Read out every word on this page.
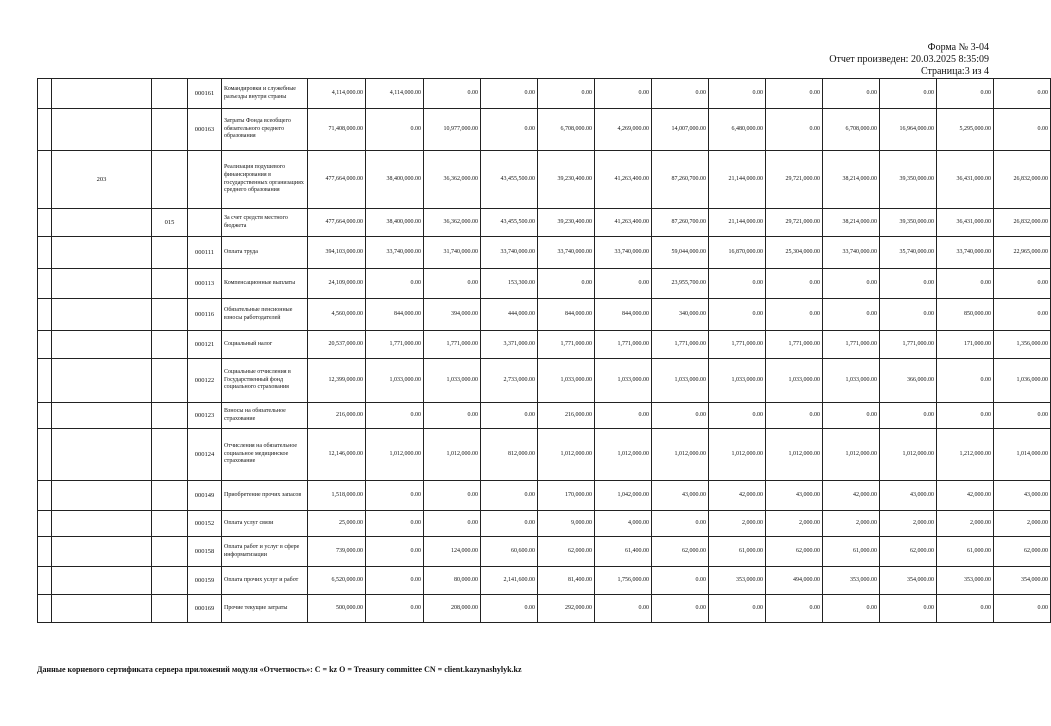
Форма № 3-04
Отчет произведен: 20.03.2025 8:35:09
Страница:3 из 4
			000161	Командировки и служебные разъезды внутри страны	4,114,000.00	4,114,000.00	0.00	0.00	0.00	0.00	0.00	0.00	0.00	0.00	0.00	0.00	0.00
			000163	Затраты Фонда всеобщего обязательного среднего образования	71,408,000.00	0.00	10,977,000.00	0.00	6,708,000.00	4,269,000.00	14,007,000.00	6,480,000.00	0.00	6,708,000.00	16,964,000.00	5,295,000.00	0.00
	203			Реализация подушевого финансирования в государственных организациях среднего образования	477,664,000.00	38,400,000.00	36,362,000.00	43,455,500.00	39,230,400.00	41,263,400.00	87,260,700.00	21,144,000.00	29,721,000.00	38,214,000.00	39,350,000.00	36,431,000.00	26,832,000.00
		015		За счет средств местного бюджета	477,664,000.00	38,400,000.00	36,362,000.00	43,455,500.00	39,230,400.00	41,263,400.00	87,260,700.00	21,144,000.00	29,721,000.00	38,214,000.00	39,350,000.00	36,431,000.00	26,832,000.00
			000111	Оплата труда	394,103,000.00	33,740,000.00	31,740,000.00	33,740,000.00	33,740,000.00	33,740,000.00	59,044,000.00	16,870,000.00	25,304,000.00	33,740,000.00	35,740,000.00	33,740,000.00	22,965,000.00
			000113	Компенсационные выплаты	24,109,000.00	0.00	0.00	153,300.00	0.00	0.00	23,955,700.00	0.00	0.00	0.00	0.00	0.00	0.00
			000116	Обязательные пенсионные взносы работодателей	4,560,000.00	844,000.00	394,000.00	444,000.00	844,000.00	844,000.00	340,000.00	0.00	0.00	0.00	0.00	850,000.00	0.00
			000121	Социальный налог	20,537,000.00	1,771,000.00	1,771,000.00	3,371,000.00	1,771,000.00	1,771,000.00	1,771,000.00	1,771,000.00	1,771,000.00	1,771,000.00	1,771,000.00	171,000.00	1,356,000.00
			000122	Социальные отчисления в Государственный фонд социального страхования	12,399,000.00	1,033,000.00	1,033,000.00	2,733,000.00	1,033,000.00	1,033,000.00	1,033,000.00	1,033,000.00	1,033,000.00	1,033,000.00	366,000.00	0.00	1,036,000.00
			000123	Взносы на обязательное страхование	216,000.00	0.00	0.00	0.00	216,000.00	0.00	0.00	0.00	0.00	0.00	0.00	0.00	0.00
			000124	Отчисления на обязательное социальное медицинское страхование	12,146,000.00	1,012,000.00	1,012,000.00	812,000.00	1,012,000.00	1,012,000.00	1,012,000.00	1,012,000.00	1,012,000.00	1,012,000.00	1,012,000.00	1,212,000.00	1,014,000.00
			000149	Приобретение прочих запасов	1,518,000.00	0.00	0.00	0.00	170,000.00	1,042,000.00	43,000.00	42,000.00	43,000.00	42,000.00	43,000.00	42,000.00	43,000.00
			000152	Оплата услуг связи	25,000.00	0.00	0.00	0.00	9,000.00	4,000.00	0.00	2,000.00	2,000.00	2,000.00	2,000.00	2,000.00	2,000.00
			000158	Оплата работ и услуг в сфере информатизации	739,000.00	0.00	124,000.00	60,600.00	62,000.00	61,400.00	62,000.00	61,000.00	62,000.00	61,000.00	62,000.00	61,000.00	62,000.00
			000159	Оплата прочих услуг и работ	6,520,000.00	0.00	80,000.00	2,141,600.00	81,400.00	1,756,000.00	0.00	353,000.00	494,000.00	353,000.00	354,000.00	353,000.00	354,000.00
			000169	Прочие текущие затраты	500,000.00	0.00	208,000.00	0.00	292,000.00	0.00	0.00	0.00	0.00	0.00	0.00	0.00	0.00
Данные корневого сертификата сервера приложений модуля «Отчетность»: C = kz O = Treasury committee CN = client.kazynashylyk.kz
